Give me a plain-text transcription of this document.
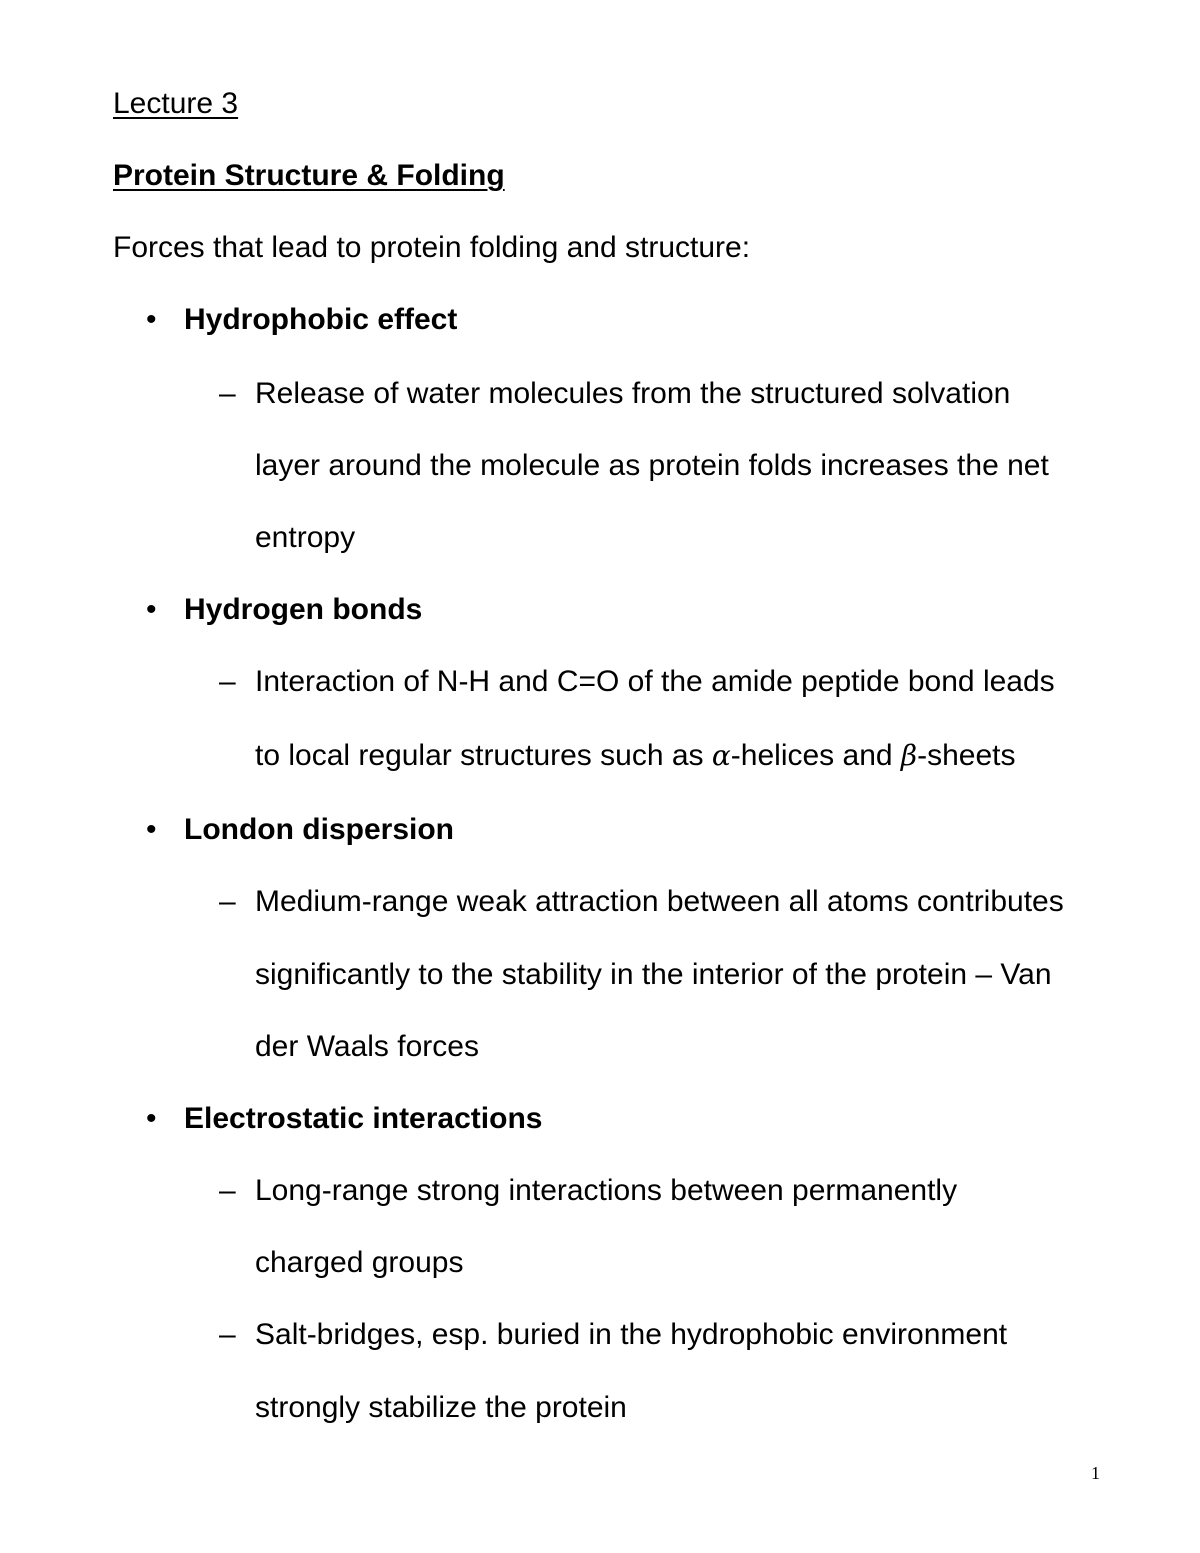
Lecture 3
Protein Structure & Folding
Forces that lead to protein folding and structure:
• Hydrophobic effect
– Release of water molecules from the structured solvation
layer around the molecule as protein folds increases the net
entropy
• Hydrogen bonds
– Interaction of N-H and C=O of the amide peptide bond leads
to local regular structures such as α-helices and β-sheets
• London dispersion
– Medium-range weak attraction between all atoms contributes
significantly to the stability in the interior of the protein – Van
der Waals forces
• Electrostatic interactions
– Long-range strong interactions between permanently
charged groups
– Salt-bridges, esp. buried in the hydrophobic environment
strongly stabilize the protein
1
